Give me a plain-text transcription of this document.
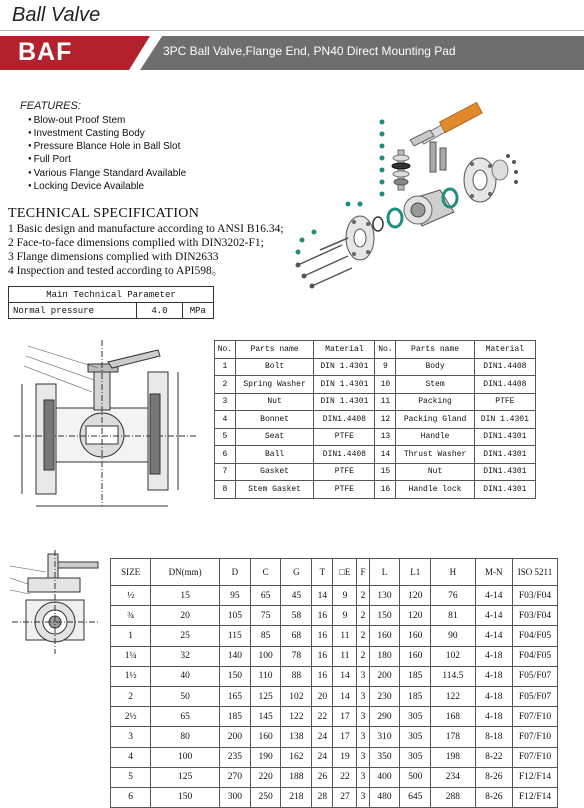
Ball Valve
BAF	3PC Ball Valve,Flange End, PN40 Direct Mounting Pad
FEATURES:
● Blow-out Proof Stem
● Investment Casting Body
● Pressure Blance Hole in Ball Slot
● Full Port
● Various Flange Standard Available
● Locking Device Available
TECHNICAL SPECIFICATION
1 Basic design and manufacture according to ANSI B16.34;
2 Face-to-face dimensions complied with DIN3202-F1;
3 Flange dimensions complied with DIN2633
4 Inspection and tested according to API598。
Main Technical Parameter
Normal pressure	4.0	MPa
No.	Parts name	Material	No.	Parts name	Material
1	Bolt	DIN 1.4301	9	Body	DIN1.4408
2	Spring Washer	DIN 1.4301	10	Stem	DIN1.4408
3	Nut	DIN 1.4301	11	Packing	PTFE
4	Bonnet	DIN1.4408	12	Packing Gland	DIN 1.4301
5	Seat	PTFE	13	Handle	DIN1.4301
6	Ball	DIN1.4408	14	Thrust Washer	DIN1.4301
7	Gasket	PTFE	15	Nut	DIN1.4301
8	Stem Gasket	PTFE	16	Handle lock	DIN1.4301
SIZE	DN(mm)	D	C	G	T	□E	F	L	L1	H	M-N	ISO 5211
½	15	95	65	45	14	9	2	130	120	76	4-14	F03/F04
¾	20	105	75	58	16	9	2	150	120	81	4-14	F03/F04
1	25	115	85	68	16	11	2	160	160	90	4-14	F04/F05
1¼	32	140	100	78	16	11	2	180	160	102	4-18	F04/F05
1½	40	150	110	88	16	14	3	200	185	114.5	4-18	F05/F07
2	50	165	125	102	20	14	3	230	185	122	4-18	F05/F07
2½	65	185	145	122	22	17	3	290	305	168	4-18	F07/F10
3	80	200	160	138	24	17	3	310	305	178	8-18	F07/F10
4	100	235	190	162	24	19	3	350	305	198	8-22	F07/F10
5	125	270	220	188	26	22	3	400	500	234	8-26	F12/F14
6	150	300	250	218	28	27	3	480	645	288	8-26	F12/F14
